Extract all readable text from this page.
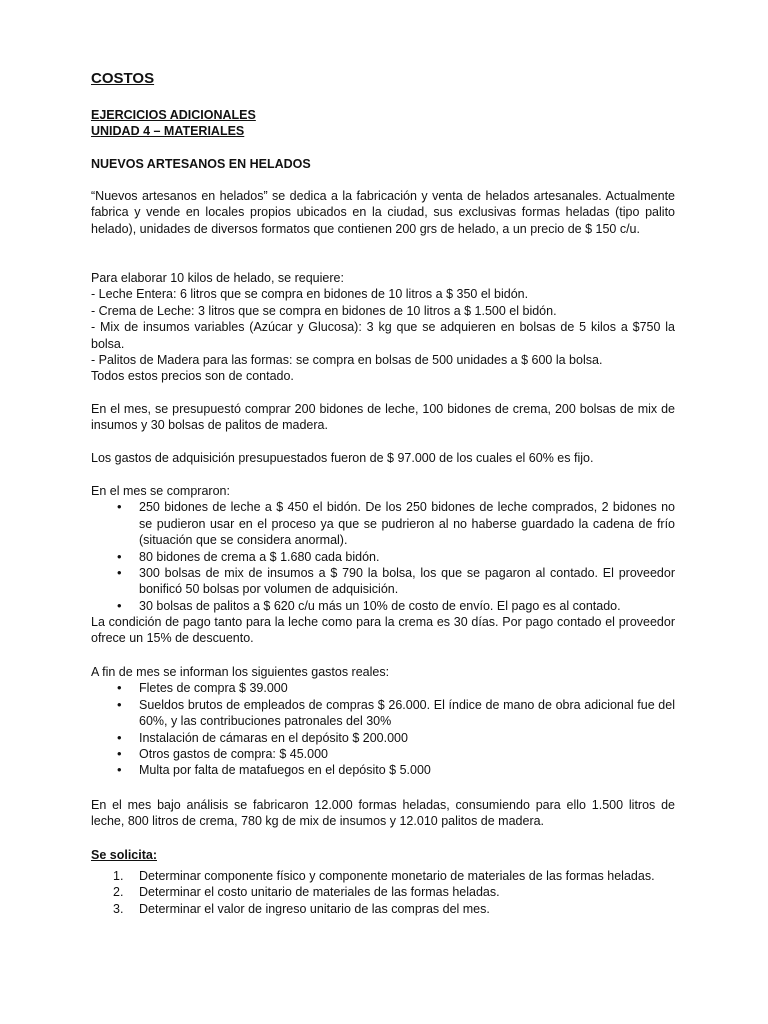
COSTOS
EJERCICIOS ADICIONALES
UNIDAD 4 – MATERIALES
NUEVOS ARTESANOS EN HELADOS

“Nuevos artesanos en helados” se dedica a la fabricación y venta de helados artesanales. Actualmente fabrica y vende en locales propios ubicados en la ciudad, sus exclusivas formas heladas (tipo palito helado), unidades de diversos formatos que contienen 200 grs de helado, a un precio de $ 150 c/u.

Para elaborar 10 kilos de helado, se requiere:

- Leche Entera: 6 litros que se compra en bidones de 10 litros a $ 350 el bidón.

- Crema de Leche: 3 litros que se compra en bidones de 10 litros a $ 1.500 el bidón.

- Mix de insumos variables (Azúcar y Glucosa): 3 kg que se adquieren en bolsas de 5 kilos a $750 la bolsa.

- Palitos de Madera para las formas: se compra en bolsas de 500 unidades a $ 600 la bolsa.

Todos estos precios son de contado.

En el mes, se presupuestó comprar 200 bidones de leche, 100 bidones de crema, 200 bolsas de mix de insumos y 30 bolsas de palitos de madera.

Los gastos de adquisición presupuestados fueron de $ 97.000 de los cuales el 60% es fijo.

En el mes se compraron:

• 250 bidones de leche a $ 450 el bidón. De los 250 bidones de leche comprados, 2 bidones no se pudieron usar en el proceso ya que se pudrieron al no haberse guardado la cadena de frío (situación que se considera anormal).
• 80 bidones de crema a $ 1.680 cada bidón.
• 300 bolsas de mix de insumos a $ 790 la bolsa, los que se pagaron al contado. El proveedor bonificó 50 bolsas por volumen de adquisición.
• 30 bolsas de palitos a $ 620 c/u más un 10% de costo de envío. El pago es al contado.

La condición de pago tanto para la leche como para la crema es 30 días. Por pago contado el proveedor ofrece un 15% de descuento.

A fin de mes se informan los siguientes gastos reales:

• Fletes de compra $ 39.000
• Sueldos brutos de empleados de compras $ 26.000. El índice de mano de obra adicional fue del 60%, y las contribuciones patronales del 30%
• Instalación de cámaras en el depósito $ 200.000
• Otros gastos de compra: $ 45.000
• Multa por falta de matafuegos en el depósito $ 5.000

En el mes bajo análisis se fabricaron 12.000 formas heladas, consumiendo para ello 1.500 litros de leche, 800 litros de crema, 780 kg de mix de insumos y 12.010 palitos de madera.

Se solicita:
1. Determinar componente físico y componente monetario de materiales de las formas heladas.
2. Determinar el costo unitario de materiales de las formas heladas.
3. Determinar el valor de ingreso unitario de las compras del mes.
